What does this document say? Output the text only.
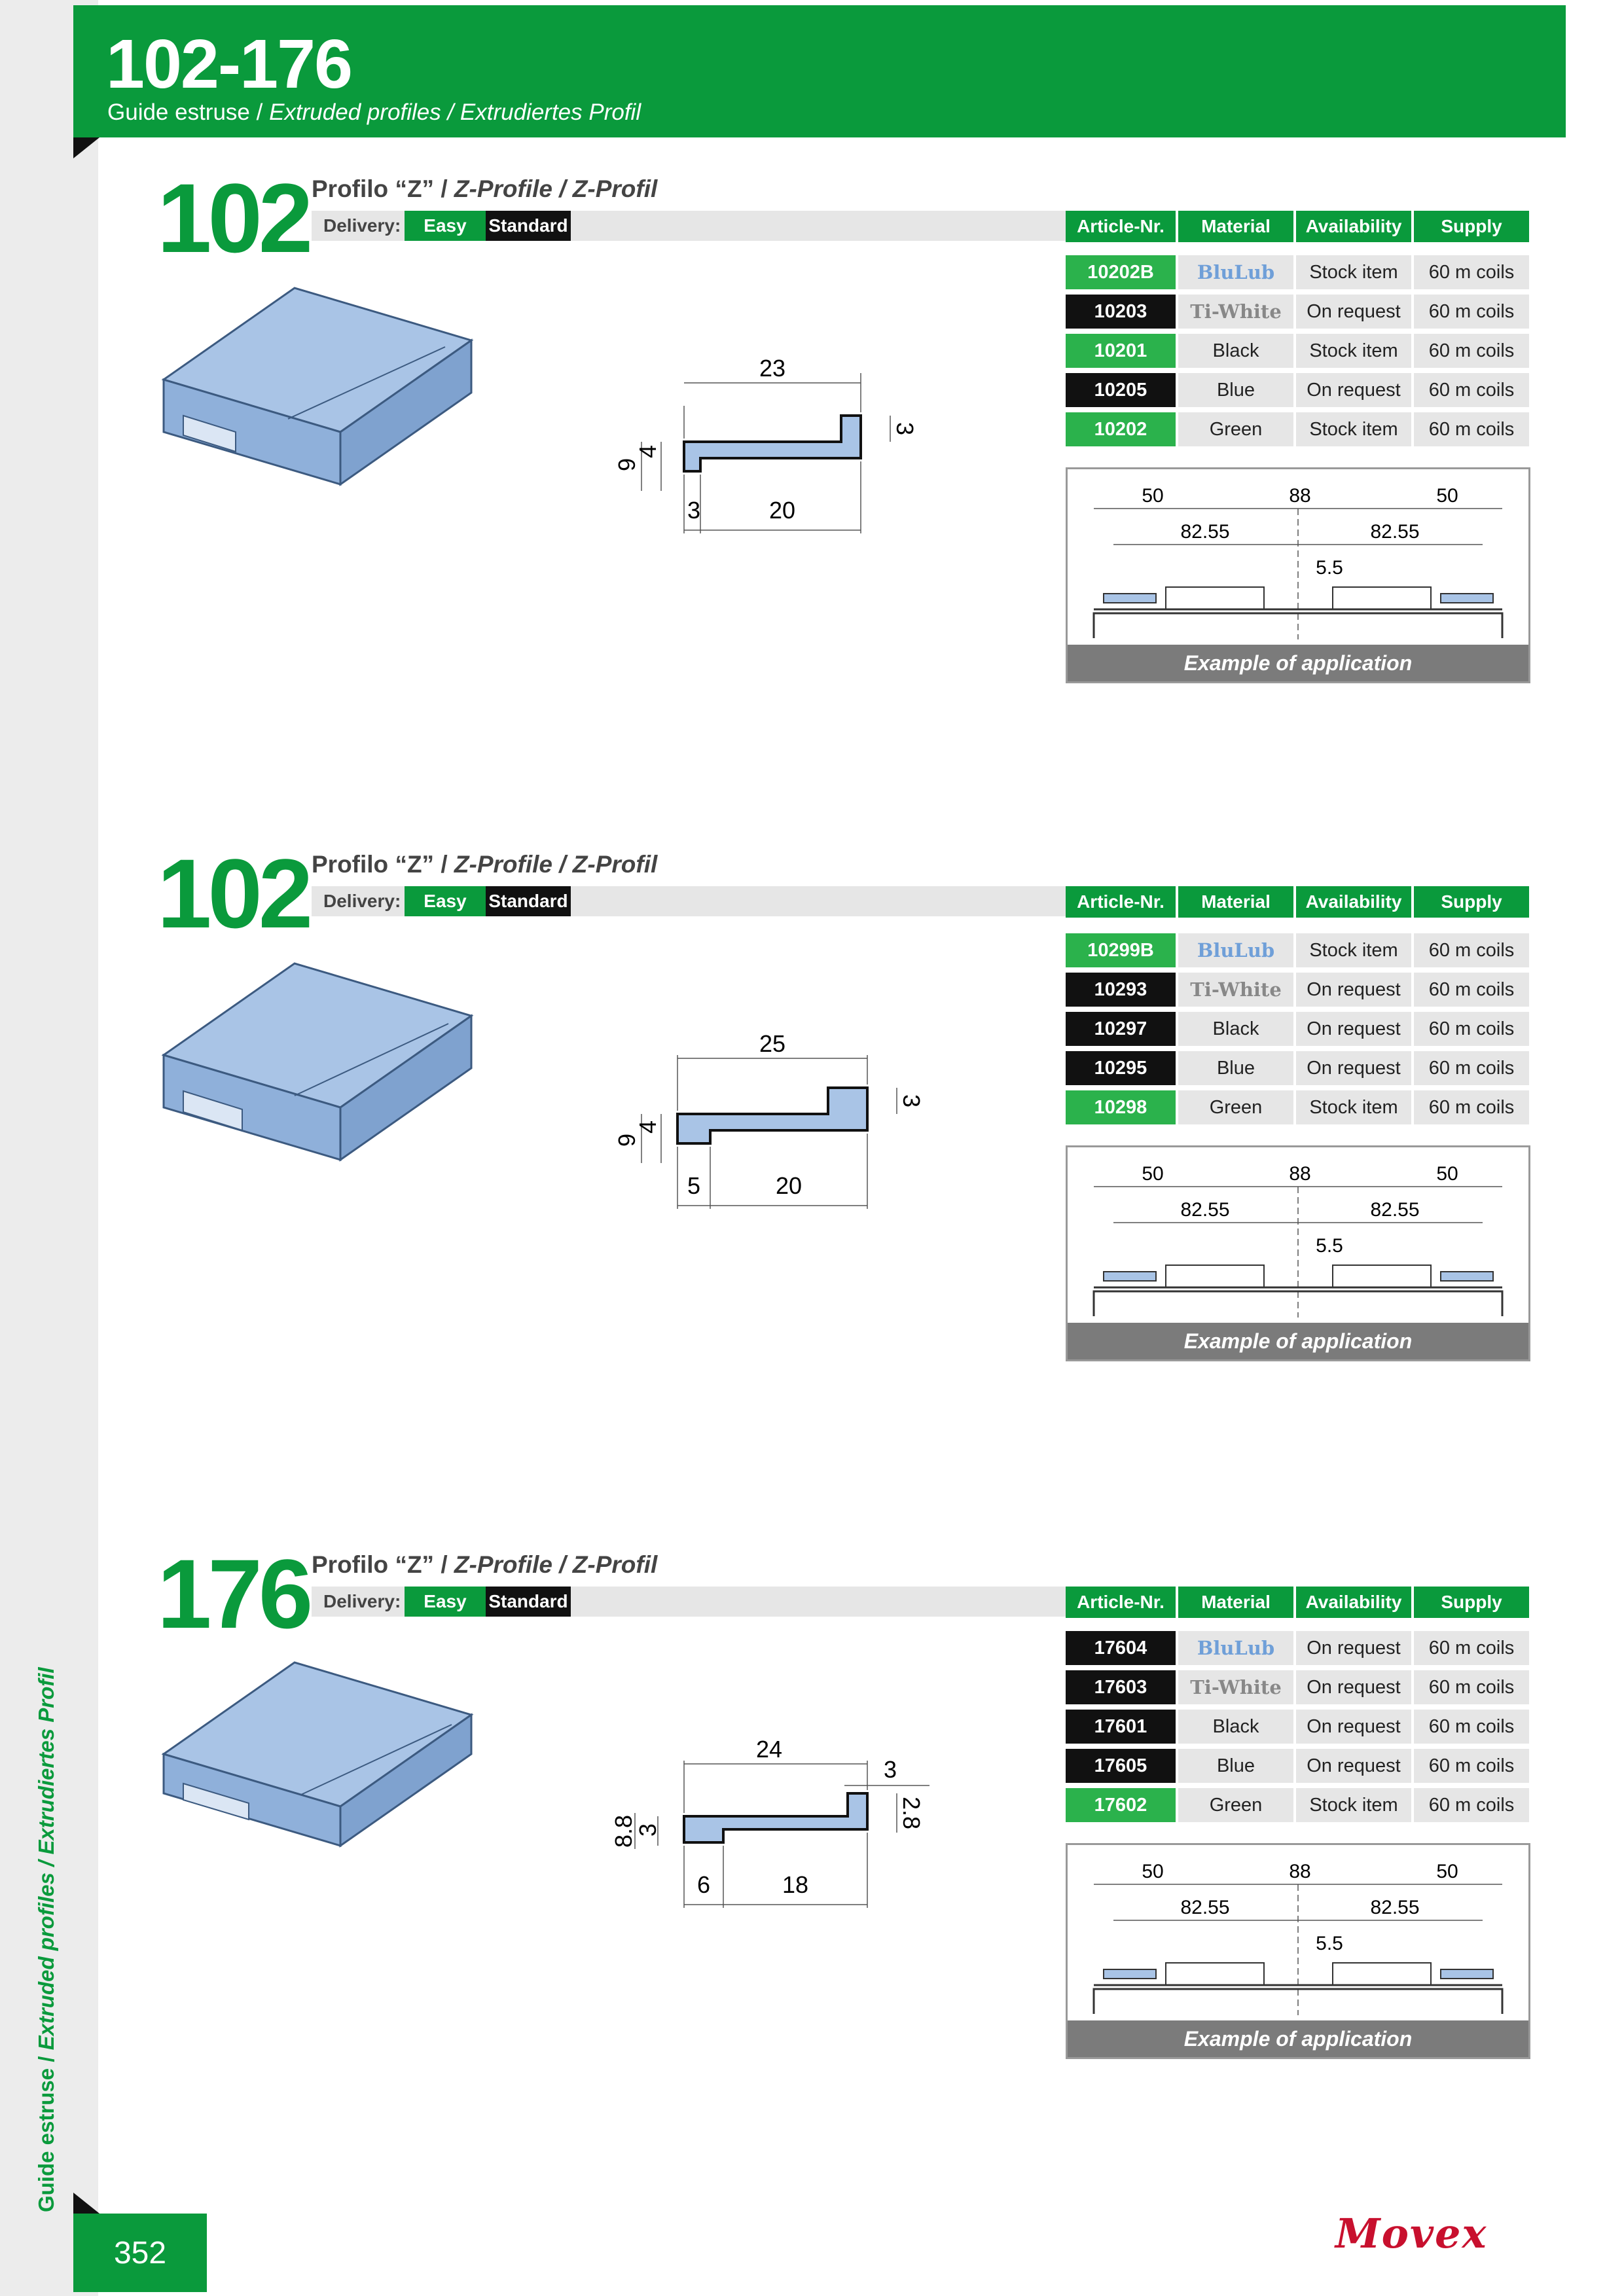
102-176
Guide estruse / Extruded profiles / Extrudiertes Profil
Guide estruse / Extruded profiles / Extrudiertes Profil
352	Movex
102 Profilo “Z” / Z-Profile / Z-Profil
Delivery:	Easy	Standard	Article-Nr.	Material	Availability	Supply
10202B	BluLub	Stock item	60 m coils
10203	Ti-White	On request	60 m coils
10201	Black	Stock item	60 m coils
10205	Blue	On request	60 m coils
10202	Green	Stock item	60 m coils
23
9
4
3
3	20
50	88	50
82.55	82.55
5.5
Example of application
102 Profilo “Z” / Z-Profile / Z-Profil
Delivery:	Easy	Standard	Article-Nr.	Material	Availability	Supply
10299B	BluLub	Stock item	60 m coils
10293	Ti-White	On request	60 m coils
10297	Black	On request	60 m coils
10295	Blue	On request	60 m coils
10298	Green	Stock item	60 m coils
25
9
4
3
5	20	50	88	50
82.55	82.55
5.5
Example of application
176 Profilo “Z” / Z-Profile / Z-Profil
Delivery:	Easy	Standard	Article-Nr.	Material	Availability	Supply
17604	BluLub	On request	60 m coils
17603	Ti-White	On request	60 m coils
17601	Black	On request	60 m coils
17605	Blue	On request	60 m coils
17602	Green	Stock item	60 m coils
24
3
8.8
3
2.8
6	18	50	88	50
82.55	82.55
5.5
Example of application
